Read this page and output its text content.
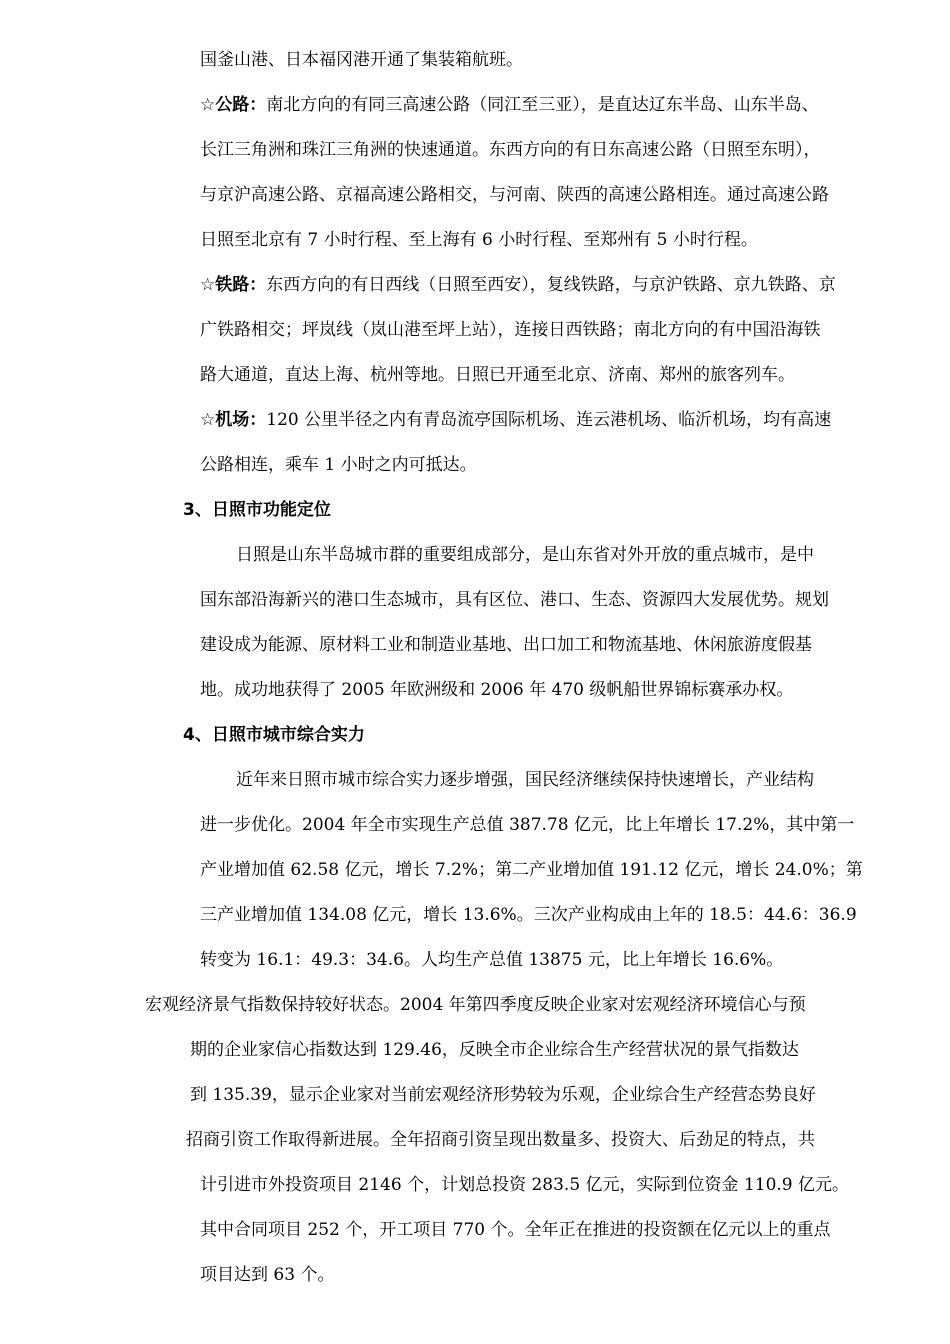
国釜山港、日本福冈港开通了集装箱航班。
☆公路：南北方向的有同三高速公路（同江至三亚），是直达辽东半岛、山东半岛、
长江三角洲和珠江三角洲的快速通道。东西方向的有日东高速公路（日照至东明），
与京沪高速公路、京福高速公路相交，与河南、陕西的高速公路相连。通过高速公路
日照至北京有 7 小时行程、至上海有 6 小时行程、至郑州有 5 小时行程。
☆铁路：东西方向的有日西线（日照至西安），复线铁路，与京沪铁路、京九铁路、京
广铁路相交；坪岚线（岚山港至坪上站），连接日西铁路；南北方向的有中国沿海铁
路大通道，直达上海、杭州等地。日照已开通至北京、济南、郑州的旅客列车。
☆机场：120 公里半径之内有青岛流亭国际机场、连云港机场、临沂机场，均有高速
公路相连，乘车 1 小时之内可抵达。
3、日照市功能定位
日照是山东半岛城市群的重要组成部分，是山东省对外开放的重点城市，是中
国东部沿海新兴的港口生态城市，具有区位、港口、生态、资源四大发展优势。规划
建设成为能源、原材料工业和制造业基地、出口加工和物流基地、休闲旅游度假基
地。成功地获得了 2005 年欧洲级和 2006 年 470 级帆船世界锦标赛承办权。
4、日照市城市综合实力
近年来日照市城市综合实力逐步增强，国民经济继续保持快速增长，产业结构
进一步优化。2004 年全市实现生产总值 387.78 亿元，比上年增长 17.2%，其中第一
产业增加值 62.58 亿元，增长 7.2%；第二产业增加值 191.12 亿元，增长 24.0%；第
三产业增加值 134.08 亿元，增长 13.6%。三次产业构成由上年的 18.5：44.6：36.9
转变为 16.1：49.3：34.6。人均生产总值 13875 元，比上年增长 16.6%。
宏观经济景气指数保持较好状态。2004 年第四季度反映企业家对宏观经济环境信心与预
期的企业家信心指数达到 129.46，反映全市企业综合生产经营状况的景气指数达
到 135.39，显示企业家对当前宏观经济形势较为乐观，企业综合生产经营态势良好
招商引资工作取得新进展。全年招商引资呈现出数量多、投资大、后劲足的特点，共
计引进市外投资项目 2146 个，计划总投资 283.5 亿元，实际到位资金 110.9 亿元。
其中合同项目 252 个，开工项目 770 个。全年正在推进的投资额在亿元以上的重点
项目达到 63 个。
